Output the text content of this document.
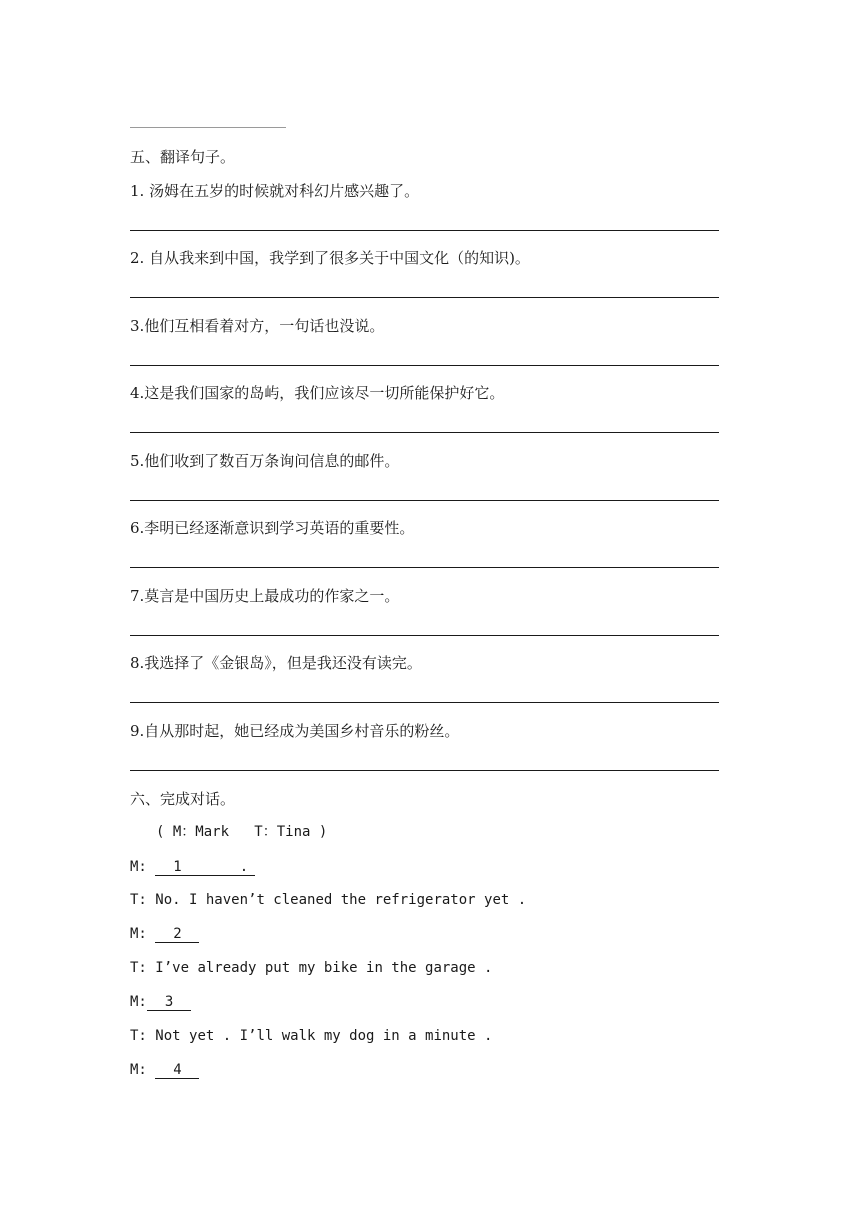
五、翻译句子。
1. 汤姆在五岁的时候就对科幻片感兴趣了。
2. 自从我来到中国，我学到了很多关于中国文化（的知识)。
3.他们互相看着对方，一句话也没说。
4.这是我们国家的岛屿，我们应该尽一切所能保护好它。
5.他们收到了数百万条询问信息的邮件。
6.李明已经逐渐意识到学习英语的重要性。
7.莫言是中国历史上最成功的作家之一。
8.我选择了《金银岛》，但是我还没有读完。
9.自从那时起，她已经成为美国乡村音乐的粉丝。
六、完成对话。
( M：Mark   T：Tina )
M: 1	.
T: No. I haven’t cleaned the refrigerator yet .
M: 2
T: I’ve already put my bike in the garage .
M: 3
T: Not yet . I’ll walk my dog in a minute .
M: 4
